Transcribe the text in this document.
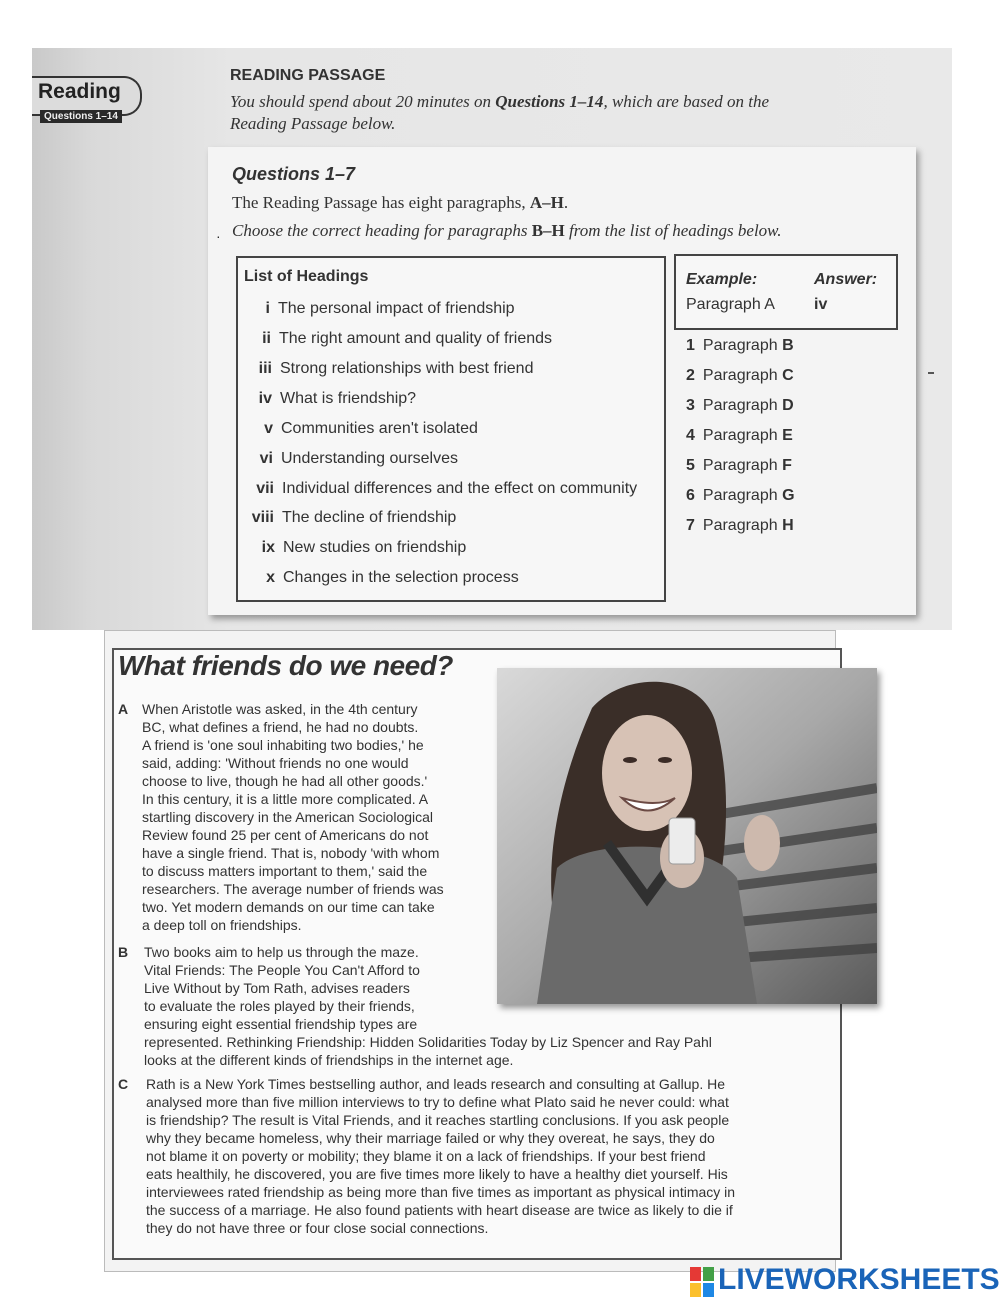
Reading
Questions 1–14
READING PASSAGE
You should spend about 20 minutes on Questions 1–14, which are based on the
Reading Passage below.
Questions 1–7
The Reading Passage has eight paragraphs, A–H.
Choose the correct heading for paragraphs B–H from the list of headings below.
·
List of Headings
i The personal impact of friendship
ii The right amount and quality of friends
iii Strong relationships with best friend
iv What is friendship?
v Communities aren't isolated
vi Understanding ourselves
vii Individual differences and the effect on community
viii The decline of friendship
ix New studies on friendship
x Changes in the selection process
Example:	Answer:
Paragraph A iv
1 Paragraph B
2 Paragraph C
3 Paragraph D
4 Paragraph E
5 Paragraph F
6 Paragraph G
7 Paragraph H
What friends do we need?
A When Aristotle was asked, in the 4th century
BC, what defines a friend, he had no doubts.
A friend is 'one soul inhabiting two bodies,' he
said, adding: 'Without friends no one would
choose to live, though he had all other goods.'
In this century, it is a little more complicated. A
startling discovery in the American Sociological
Review found 25 per cent of Americans do not
have a single friend. That is, nobody 'with whom
to discuss matters important to them,' said the
researchers. The average number of friends was
two. Yet modern demands on our time can take
a deep toll on friendships.
B Two books aim to help us through the maze.
Vital Friends: The People You Can't Afford to
Live Without by Tom Rath, advises readers
to evaluate the roles played by their friends,
ensuring eight essential friendship types are
represented. Rethinking Friendship: Hidden Solidarities Today by Liz Spencer and Ray Pahl
looks at the different kinds of friendships in the internet age.
C Rath is a New York Times bestselling author, and leads research and consulting at Gallup. He
analysed more than five million interviews to try to define what Plato said he never could: what
is friendship? The result is Vital Friends, and it reaches startling conclusions. If you ask people
why they became homeless, why their marriage failed or why they overeat, he says, they do
not blame it on poverty or mobility; they blame it on a lack of friendships. If your best friend
eats healthily, he discovered, you are five times more likely to have a healthy diet yourself. His
interviewees rated friendship as being more than five times as important as physical intimacy in
the success of a marriage. He also found patients with heart disease are twice as likely to die if
they do not have three or four close social connections.
LIVEWORKSHEETS
